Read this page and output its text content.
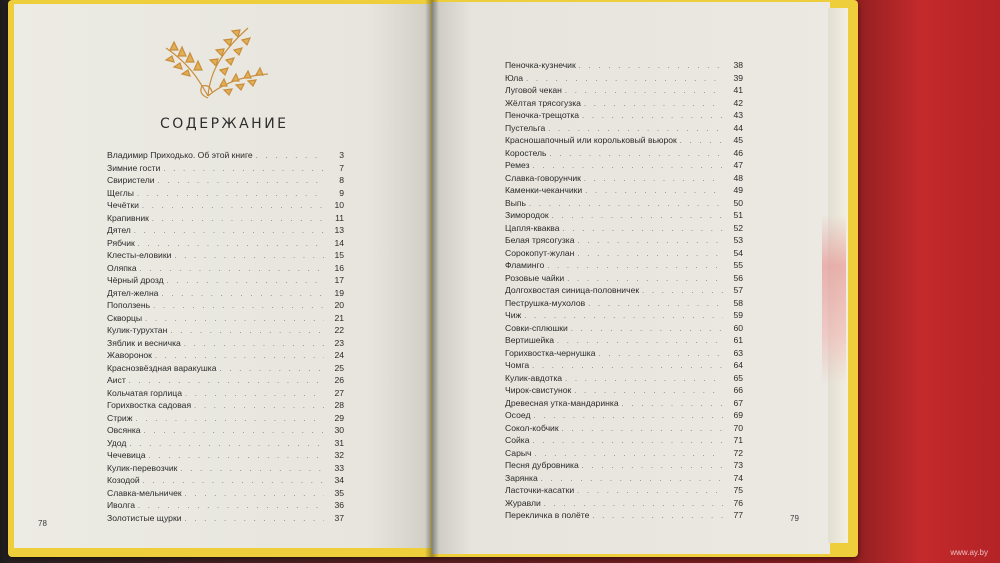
СОДЕРЖАНИЕ
Владимир Приходько. Об этой книге . . .	3
Зимние гости . . .	7
Свиристели . . .	8
Щеглы . . .	9
Чечётки . . .	10
Крапивник . . .	11
Дятел . . .	13
Рябчик . . .	14
Клесты-еловики . . .	15
Оляпка . . .	16
Чёрный дрозд . . .	17
Дятел-желна . . .	19
Поползень . . .	20
Скворцы . . .	21
Кулик-турухтан . . .	22
Зяблик и весничка . . .	23
Жаворонок . . .	24
Краснозвёздная варакушка . . .	25
Аист . . .	26
Кольчатая горлица . . .	27
Горихвостка садовая . . .	28
Стриж . . .	29
Овсянка . . .	30
Удод . . .	31
Чечевица . . .	32
Кулик-перевозчик . . .	33
Козодой . . .	34
Славка-мельничек . . .	35
Иволга . . .	36
Золотистые щурки . . .	37
Пеночка-кузнечик . . .	38
Юла . . .	39
Луговой чекан . . .	41
Жёлтая трясогузка . . .	42
Пеночка-трещотка . . .	43
Пустельга . . .	44
Красношапочный или корольковый вьюрок . . .	45
Коростель . . .	46
Ремез . . .	47
Славка-говорунчик . . .	48
Каменки-чеканчики . . .	49
Выпь . . .	50
Зимородок . . .	51
Цапля-кваква . . .	52
Белая трясогузка . . .	53
Сорокопут-жулан . . .	54
Фламинго . . .	55
Розовые чайки . . .	56
Долгохвостая синица-половничек . . .	57
Пеструшка-мухолов . . .	58
Чиж . . .	59
Совки-сплюшки . . .	60
Вертишейка . . .	61
Горихвостка-чернушка . . .	63
Чомга . . .	64
Кулик-авдотка . . .	65
Чирок-свистунок . . .	66
Древесная утка-мандаринка . . .	67
Осоед . . .	69
Сокол-кобчик . . .	70
Сойка . . .	71
Сарыч . . .	72
Песня дубровника . . .	73
Зарянка . . .	74
Ласточки-касатки . . .	75
Журавли . . .	76
Перекличка в полёте . . .	77
78
79
www.ay.by
